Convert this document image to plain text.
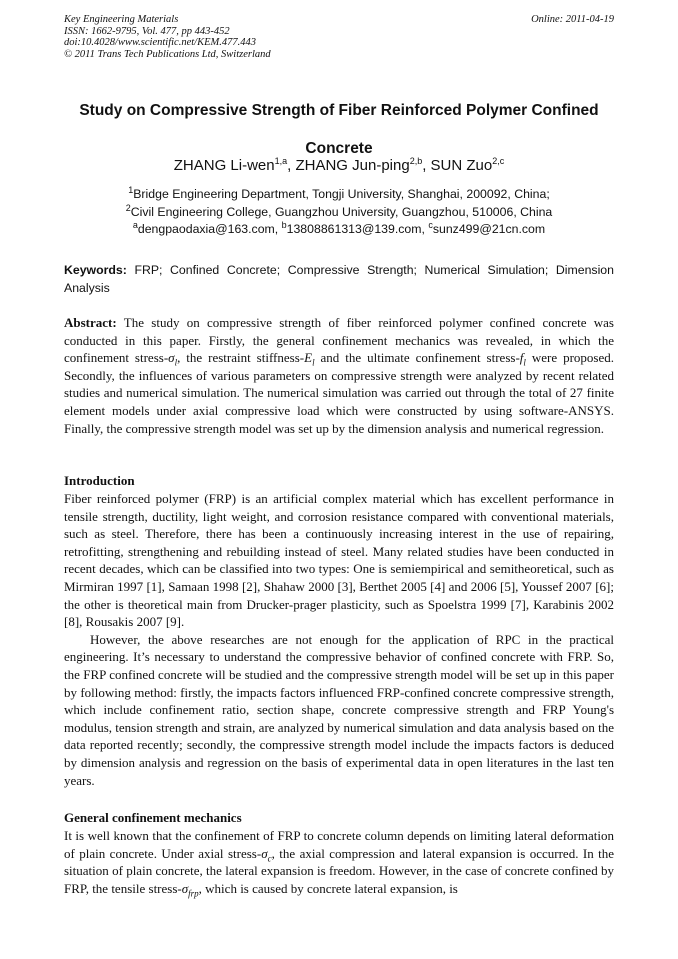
Key Engineering Materials
ISSN: 1662-9795, Vol. 477, pp 443-452
doi:10.4028/www.scientific.net/KEM.477.443
© 2011 Trans Tech Publications Ltd, Switzerland
Online: 2011-04-19
Study on Compressive Strength of Fiber Reinforced Polymer Confined Concrete
ZHANG Li-wen$^{1,a}$, ZHANG Jun-ping$^{2,b}$, SUN Zuo$^{2,c}$
$^1$Bridge Engineering Department, Tongji University, Shanghai, 200092, China;
$^2$Civil Engineering College, Guangzhou University, Guangzhou, 510006, China
$^a$dengpaodaxia@163.com, $^b$13808861313@139.com, $^c$sunz499@21cn.com
Keywords: FRP; Confined Concrete; Compressive Strength; Numerical Simulation; Dimension Analysis
Abstract: The study on compressive strength of fiber reinforced polymer confined concrete was conducted in this paper. Firstly, the general confinement mechanics was revealed, in which the confinement stress-$\sigma_l$, the restraint stiffness-$E_l$ and the ultimate confinement stress-$f_l$ were proposed. Secondly, the influences of various parameters on compressive strength were analyzed by recent related studies and numerical simulation. The numerical simulation was carried out through the total of 27 finite element models under axial compressive load which were constructed by using software-ANSYS. Finally, the compressive strength model was set up by the dimension analysis and numerical regression.
Introduction

Fiber reinforced polymer (FRP) is an artificial complex material which has excellent performance in tensile strength, ductility, light weight, and corrosion resistance compared with conventional materials, such as steel. Therefore, there has been a continuously increasing interest in the use of repairing, retrofitting, strengthening and rebuilding instead of steel. Many related studies have been conducted in recent decades, which can be classified into two types: One is semiempirical and semitheoretical, such as Mirmiran 1997 [1], Samaan 1998 [2], Shahaw 2000 [3], Berthet 2005 [4] and 2006 [5], Youssef 2007 [6]; the other is theoretical main from Drucker-prager plasticity, such as Spoelstra 1999 [7], Karabinis 2002 [8], Rousakis 2007 [9].

However, the above researches are not enough for the application of RPC in the practical engineering. It’s necessary to understand the compressive behavior of confined concrete with FRP. So, the FRP confined concrete will be studied and the compressive strength model will be set up in this paper by following method: firstly, the impacts factors influenced FRP-confined concrete compressive strength, which include confinement ratio, section shape, concrete compressive strength and FRP Young's modulus, tension strength and strain, are analyzed by numerical simulation and data analysis based on the data reported recently; secondly, the compressive strength model include the impacts factors is deduced by dimension analysis and regression on the basis of experimental data in open literatures in the last ten years.

General confinement mechanics
It is well known that the confinement of FRP to concrete column depends on limiting lateral deformation of plain concrete. Under axial stress-$\sigma_c$, the axial compression and lateral expansion is occurred. In the situation of plain concrete, the lateral expansion is freedom. However, in the case of concrete confined by FRP, the tensile stress-$\sigma_{frp}$, which is caused by concrete lateral expansion, is
